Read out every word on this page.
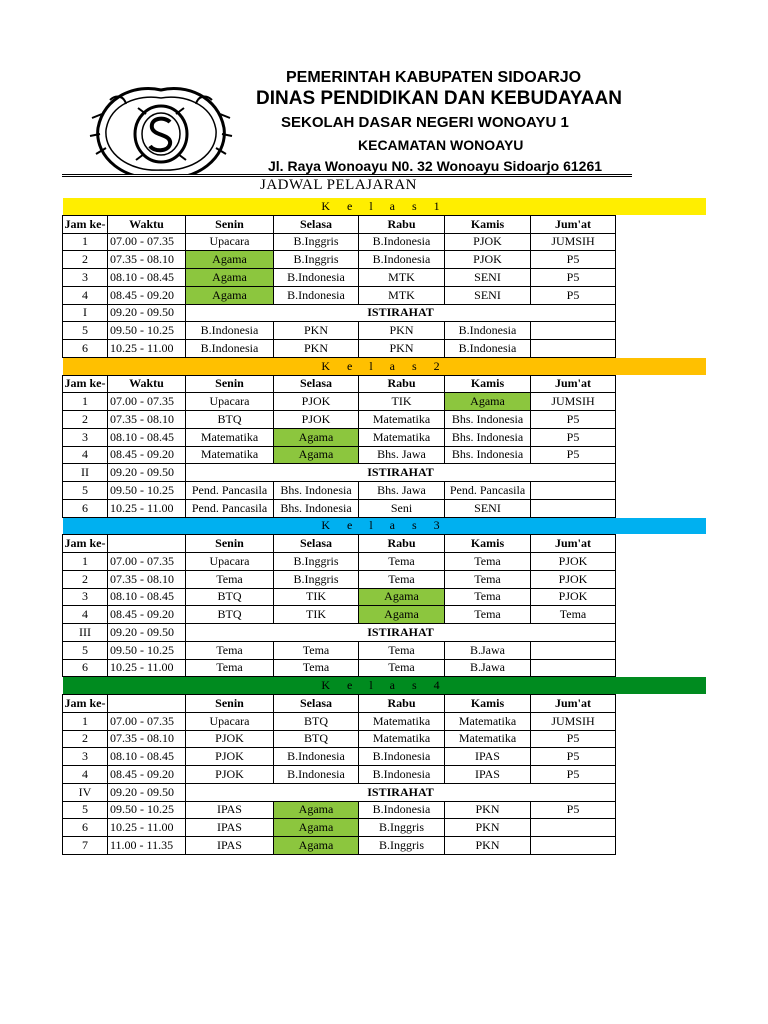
PEMERINTAH KABUPATEN SIDOARJO
DINAS PENDIDIKAN DAN KEBUDAYAAN
SEKOLAH DASAR NEGERI WONOAYU 1
KECAMATAN WONOAYU
Jl. Raya Wonoayu N0. 32 Wonoayu Sidoarjo 61261
JADWAL PELAJARAN
K e l a s 1							
Jam ke-	Waktu	Senin	Selasa	Rabu	Kamis	Jum'at	
1	07.00 - 07.35	Upacara	B.Inggris	B.Indonesia	PJOK	JUMSIH	
2	07.35 - 08.10	Agama	B.Inggris	B.Indonesia	PJOK	P5	
3	08.10 - 08.45	Agama	B.Indonesia	MTK	SENI	P5	
4	08.45 - 09.20	Agama	B.Indonesia	MTK	SENI	P5	
I	09.20 - 09.50	ISTIRAHAT					
5	09.50 - 10.25	B.Indonesia	PKN	PKN	B.Indonesia		
6	10.25 - 11.00	B.Indonesia	PKN	PKN	B.Indonesia		
K e l a s 2							
Jam ke-	Waktu	Senin	Selasa	Rabu	Kamis	Jum'at	
1	07.00 - 07.35	Upacara	PJOK	TIK	Agama	JUMSIH	
2	07.35 - 08.10	BTQ	PJOK	Matematika	Bhs. Indonesia	P5	
3	08.10 - 08.45	Matematika	Agama	Matematika	Bhs. Indonesia	P5	
4	08.45 - 09.20	Matematika	Agama	Bhs. Jawa	Bhs. Indonesia	P5	
II	09.20 - 09.50	ISTIRAHAT					
5	09.50 - 10.25	Pend. Pancasila	Bhs. Indonesia	Bhs. Jawa	Pend. Pancasila		
6	10.25 - 11.00	Pend. Pancasila	Bhs. Indonesia	Seni	SENI		
K e l a s 3							
Jam ke-		Senin	Selasa	Rabu	Kamis	Jum'at	
1	07.00 - 07.35	Upacara	B.Inggris	Tema	Tema	PJOK	
2	07.35 - 08.10	Tema	B.Inggris	Tema	Tema	PJOK	
3	08.10 - 08.45	BTQ	TIK	Agama	Tema	PJOK	
4	08.45 - 09.20	BTQ	TIK	Agama	Tema	Tema	
III	09.20 - 09.50	ISTIRAHAT					
5	09.50 - 10.25	Tema	Tema	Tema	B.Jawa		
6	10.25 - 11.00	Tema	Tema	Tema	B.Jawa		
K e l a s 4							
Jam ke-		Senin	Selasa	Rabu	Kamis	Jum'at	
1	07.00 - 07.35	Upacara	BTQ	Matematika	Matematika	JUMSIH	
2	07.35 - 08.10	PJOK	BTQ	Matematika	Matematika	P5	
3	08.10 - 08.45	PJOK	B.Indonesia	B.Indonesia	IPAS	P5	
4	08.45 - 09.20	PJOK	B.Indonesia	B.Indonesia	IPAS	P5	
IV	09.20 - 09.50	ISTIRAHAT					
5	09.50 - 10.25	IPAS	Agama	B.Indonesia	PKN	P5	
6	10.25 - 11.00	IPAS	Agama	B.Inggris	PKN		
7	11.00 - 11.35	IPAS	Agama	B.Inggris	PKN		
